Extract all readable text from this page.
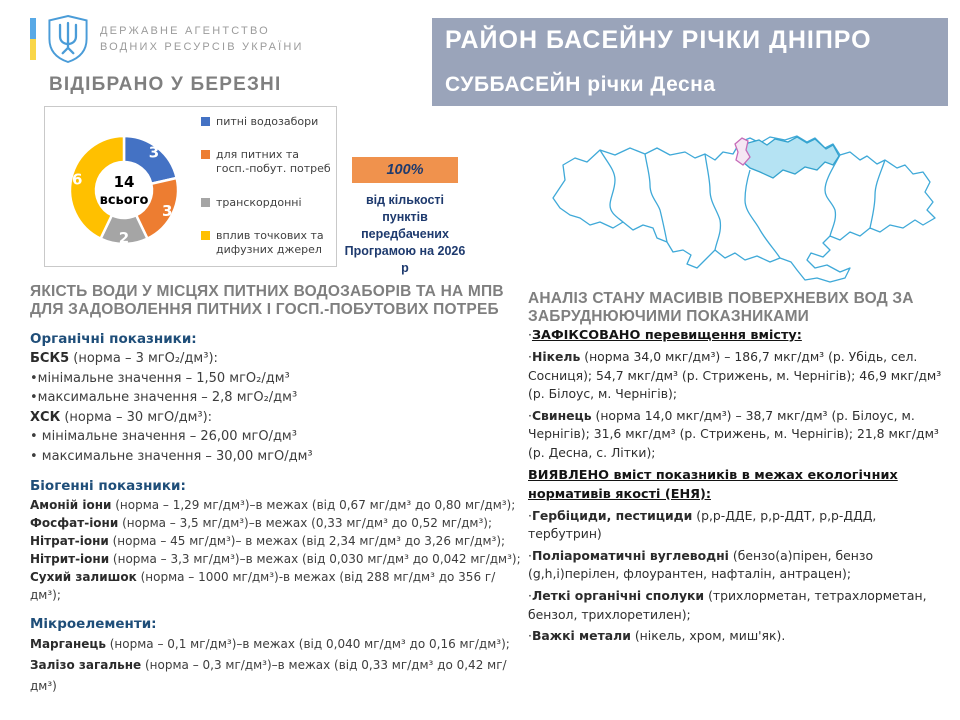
ДЕРЖАВНЕ АГЕНТСТВО
ВОДНИХ РЕСУРСІВ УКРАЇНИ
ВІДІБРАНО У БЕРЕЗНІ
РАЙОН БАСЕЙНУ РІЧКИ ДНІПРО
СУББАСЕЙН річки Десна
3
3
2
6 14
всього
питні водозабори
для питних та госп.-побут. потреб
транскордонні
вплив точкових та дифузних джерел
100%
від кількості пунктів передбачених Програмою на 2026 р
ЯКІСТЬ ВОДИ У МІСЦЯХ ПИТНИХ ВОДОЗАБОРІВ ТА НА МПВ ДЛЯ ЗАДОВОЛЕННЯ ПИТНИХ І ГОСП.-ПОБУТОВИХ ПОТРЕБ

Органічні показники:

БСК5 (норма – 3 мгО₂/дм³):

•мінімальне значення – 1,50 мгО₂/дм³

•максимальне значення – 2,8 мгО₂/дм³

ХСК (норма – 30 мгО/дм³):

• мінімальне значення – 26,00 мгО/дм³

• максимальне значення – 30,00 мгО/дм³

Біогенні показники:

Амоній іони (норма – 1,29 мг/дм³)–в межах (від 0,67 мг/дм³ до 0,80 мг/дм³);

Фосфат-іони (норма – 3,5 мг/дм³)–в межах (0,33 мг/дм³ до 0,52 мг/дм³);

Нітрат-іони (норма – 45 мг/дм³)– в межах (від 2,34 мг/дм³ до 3,26 мг/дм³);

Нітрит-іони (норма – 3,3 мг/дм³)–в межах (від 0,030 мг/дм³ до 0,042 мг/дм³);

Сухий залишок (норма – 1000 мг/дм³)-в межах (від 288 мг/дм³ до 356 г/дм³);

Мікроелементи:

Марганець (норма – 0,1 мг/дм³)–в межах (від 0,040 мг/дм³ до 0,16 мг/дм³);

Залізо загальне (норма – 0,3 мг/дм³)–в межах (від 0,33 мг/дм³ до 0,42 мг/дм³)

АНАЛІЗ СТАНУ МАСИВІВ ПОВЕРХНЕВИХ ВОД ЗА ЗАБРУДНЮЮЧИМИ ПОКАЗНИКАМИ

·ЗАФІКСОВАНО перевищення вмісту:

·Нікель (норма 34,0 мкг/дм³) – 186,7 мкг/дм³ (р. Убідь, сел. Сосниця); 54,7 мкг/дм³ (р. Стрижень, м. Чернігів); 46,9 мкг/дм³ (р. Білоус, м. Чернігів);

·Свинець (норма 14,0 мкг/дм³) – 38,7 мкг/дм³ (р. Білоус, м. Чернігів); 31,6 мкг/дм³ (р. Стрижень, м. Чернігів); 21,8 мкг/дм³ (р. Десна, с. Літки);

ВИЯВЛЕНО вміст показників в межах екологічних нормативів якості (ЕНЯ):

·Гербіциди, пестициди (р,р-ДДЕ, р,р-ДДТ, р,р-ДДД, тербутрин)

·Поліароматичні вуглеводні (бензо(а)пірен, бензо (g,h,i)перілен, флоурантен, нафталін, антрацен);

·Леткі органічні сполуки (трихлорметан, тетрахлорметан, бензол, трихлоретилен);

·Важкі метали (нікель, хром, миш'як).
